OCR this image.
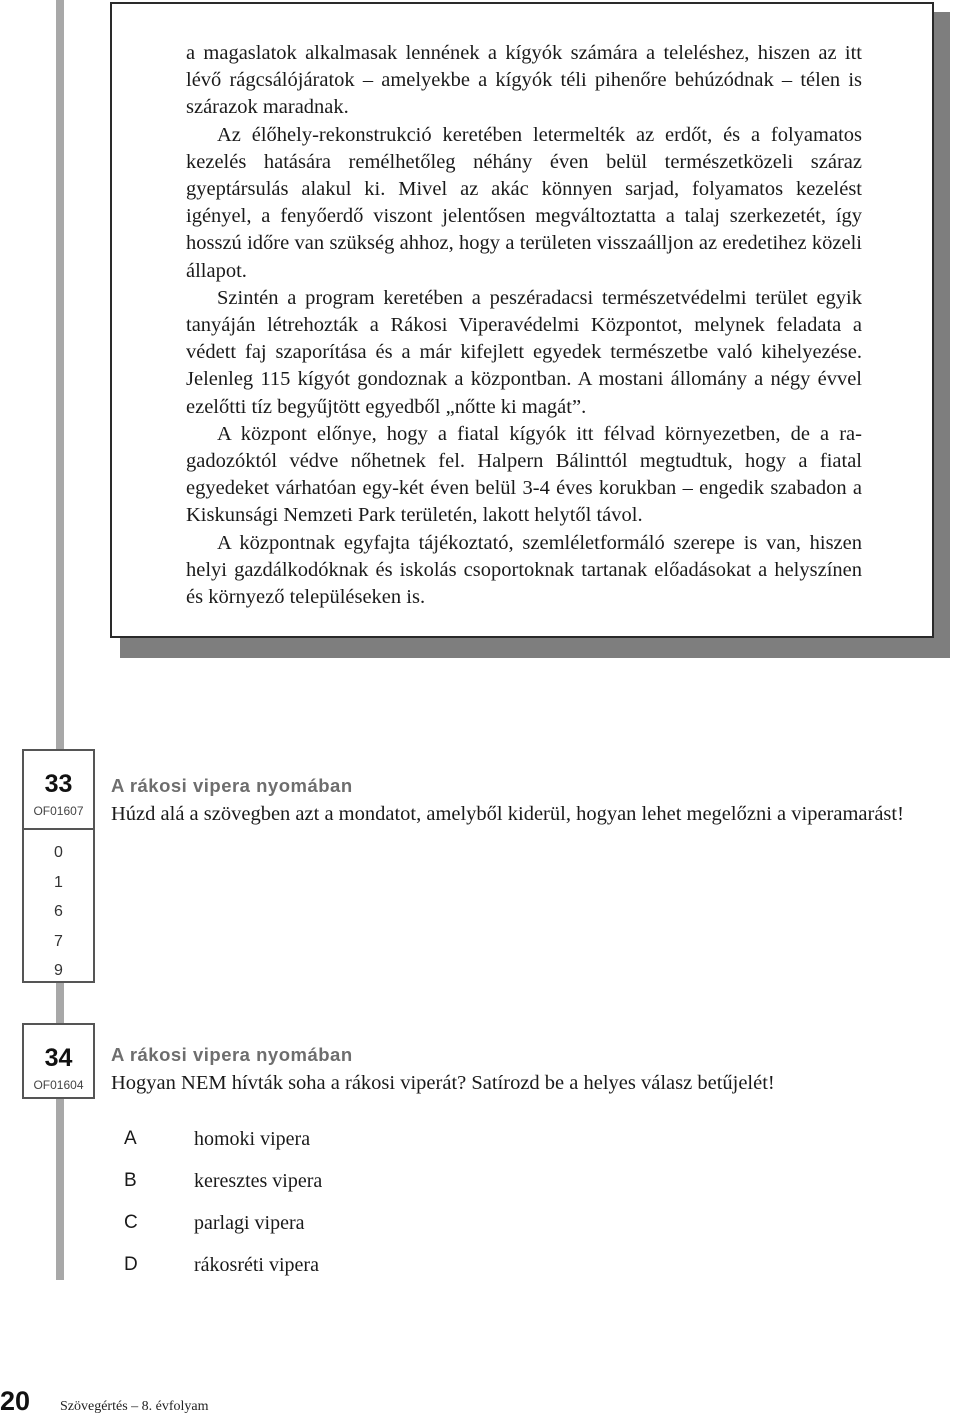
a magaslatok alkalmasak lennének a kígyók számára a teleléshez, hiszen az itt lévő rágcsálójáratok – amelyekbe a kígyók téli pihenőre behúzódnak – télen is szárazok maradnak.

Az élőhely-rekonstrukció keretében letermelték az erdőt, és a folyamatos kezelés hatására remélhetőleg néhány éven belül természetközeli száraz gyeptársulás alakul ki. Mivel az akác könnyen sarjad, folyamatos kezelést igényel, a fenyőerdő viszont jelentősen megváltoztatta a talaj szerkezetét, így hosszú időre van szükség ahhoz, hogy a területen visszaálljon az eredetihez közeli állapot.

Szintén a program keretében a peszéradacsi természetvédelmi terület egyik tanyáján létrehozták a Rákosi Viperavédelmi Központot, melynek feladata a védett faj szaporítása és a már kifejlett egyedek természetbe való kihelyezése. Jelenleg 115 kígyót gondoznak a központban. A mostani állomány a négy évvel ezelőtti tíz begyűjtött egyedből „nőtte ki magát”.

A központ előnye, hogy a fiatal kígyók itt félvad környezetben, de a ragadozóktól védve nőhetnek fel. Halpern Bálinttól megtudtuk, hogy a fiatal egyedeket várhatóan egy-két éven belül 3-4 éves korukban – engedik szabadon a Kiskunsági Nemzeti Park területén, lakott helytől távol.

A központnak egyfajta tájékoztató, szemléletformáló szerepe is van, hiszen helyi gazdálkodóknak és iskolás csoportoknak tartanak előadásokat a helyszínen és környező településeken is.

33
OF01607
0
1
6
7
9
A rákosi vipera nyomában
Húzd alá a szövegben azt a mondatot, amelyből kiderül, hogyan lehet megelőzni a viperamarást!
34
OF01604
A rákosi vipera nyomában
Hogyan NEM hívták soha a rákosi viperát? Satírozd be a helyes válasz betűjelét!
A	homoki vipera
B	keresztes vipera
C	parlagi vipera
D	rákosréti vipera
20 Szövegértés – 8. évfolyam
